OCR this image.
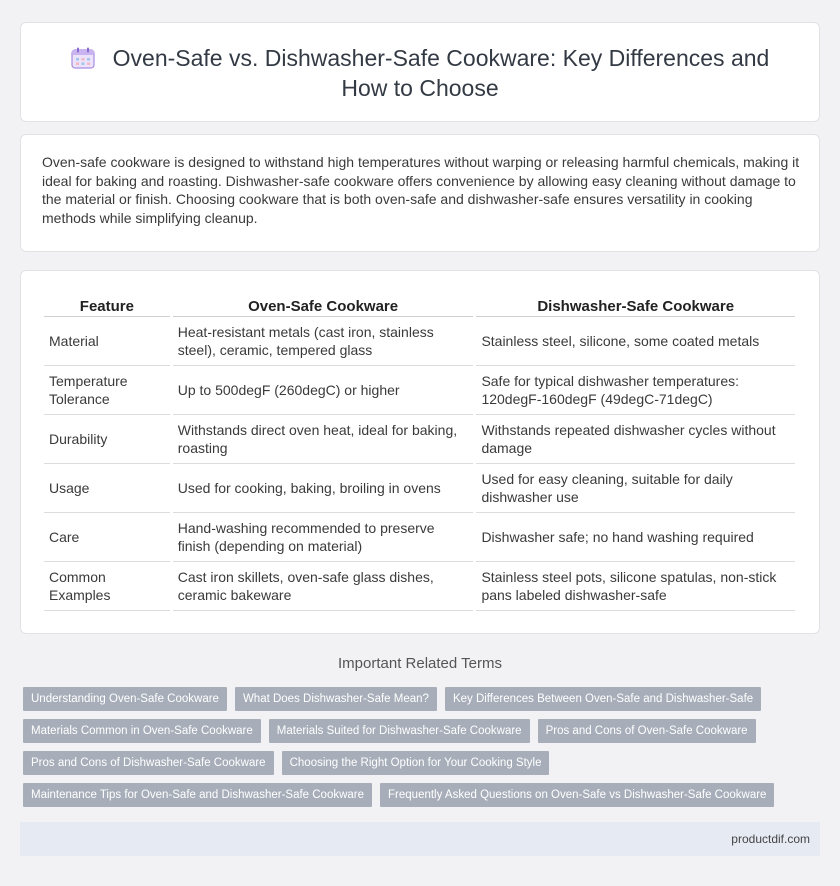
Oven-Safe vs. Dishwasher-Safe Cookware: Key Differences and How to Choose

Oven-safe cookware is designed to withstand high temperatures without warping or releasing harmful chemicals, making it ideal for baking and roasting. Dishwasher-safe cookware offers convenience by allowing easy cleaning without damage to the material or finish. Choosing cookware that is both oven-safe and dishwasher-safe ensures versatility in cooking methods while simplifying cleanup.

Feature	Oven-Safe Cookware	Dishwasher-Safe Cookware
Material	Heat-resistant metals (cast iron, stainless steel), ceramic, tempered glass	Stainless steel, silicone, some coated metals
Temperature Tolerance	Up to 500degF (260degC) or higher	Safe for typical dishwasher temperatures: 120degF-160degF (49degC-71degC)
Durability	Withstands direct oven heat, ideal for baking, roasting	Withstands repeated dishwasher cycles without damage
Usage	Used for cooking, baking, broiling in ovens	Used for easy cleaning, suitable for daily dishwasher use
Care	Hand-washing recommended to preserve finish (depending on material)	Dishwasher safe; no hand washing required
Common Examples	Cast iron skillets, oven-safe glass dishes, ceramic bakeware	Stainless steel pots, silicone spatulas, non-stick pans labeled dishwasher-safe
Important Related Terms
Understanding Oven-Safe Cookware	What Does Dishwasher-Safe Mean?	Key Differences Between Oven-Safe and Dishwasher-Safe
Materials Common in Oven-Safe Cookware	Materials Suited for Dishwasher-Safe Cookware	Pros and Cons of Oven-Safe Cookware
Pros and Cons of Dishwasher-Safe Cookware	Choosing the Right Option for Your Cooking Style
Maintenance Tips for Oven-Safe and Dishwasher-Safe Cookware	Frequently Asked Questions on Oven-Safe vs Dishwasher-Safe Cookware
productdif.com
